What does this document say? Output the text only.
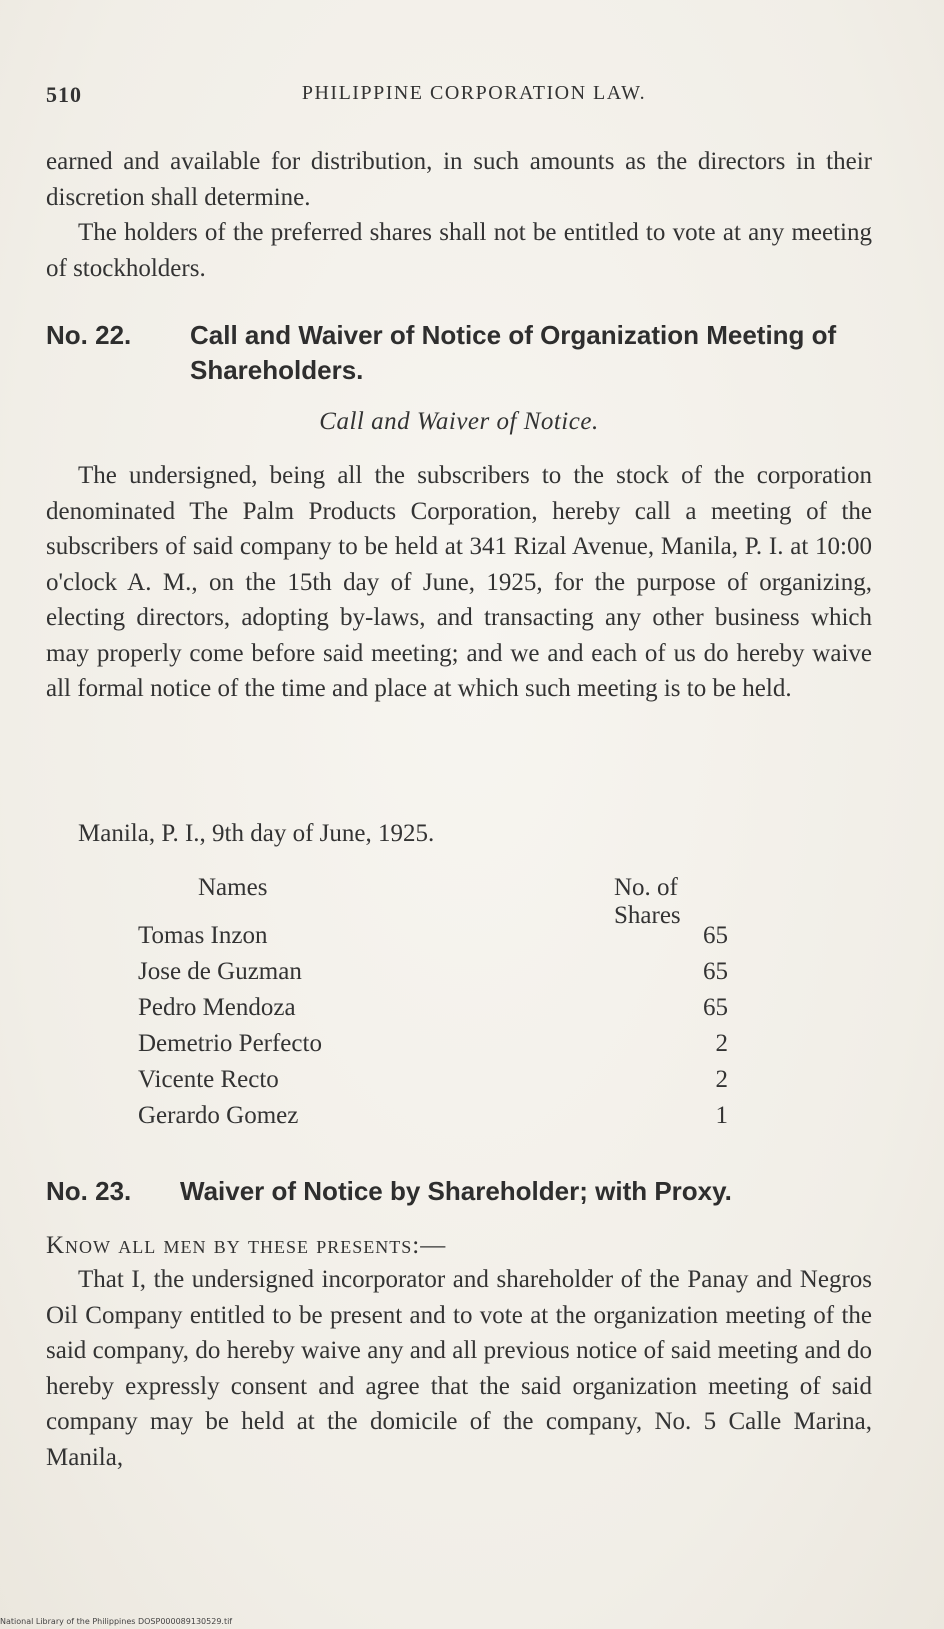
510	PHILIPPINE CORPORATION LAW.

earned and available for distribution, in such amounts as the directors in their discretion shall determine.

The holders of the preferred shares shall not be entitled to vote at any meeting of stockholders.

No. 22. Call and Waiver of Notice of Organization Meeting of Shareholders.
Call and Waiver of Notice.

The undersigned, being all the subscribers to the stock of the corporation denominated The Palm Products Corporation, hereby call a meeting of the subscribers of said company to be held at 341 Rizal Avenue, Manila, P. I. at 10:00 o'clock A. M., on the 15th day of June, 1925, for the purpose of organizing, electing directors, adopting by-laws, and transacting any other business which may properly come before said meeting; and we and each of us do hereby waive all formal notice of the time and place at which such meeting is to be held.

Manila, P. I., 9th day of June, 1925.
Names	No. of Shares
Tomas Inzon	65
Jose de Guzman	65
Pedro Mendoza	65
Demetrio Perfecto	2
Vicente Recto	2
Gerardo Gomez	1
No. 23. Waiver of Notice by Shareholder; with Proxy.

Know all men by these presents:—

That I, the undersigned incorporator and shareholder of the Panay and Negros Oil Company entitled to be present and to vote at the organization meeting of the said company, do hereby waive any and all previous notice of said meeting and do hereby expressly consent and agree that the said organization meeting of said company may be held at the domicile of the company, No. 5 Calle Marina, Manila,

National Library of the Philippines DOSP000089130529.tif
